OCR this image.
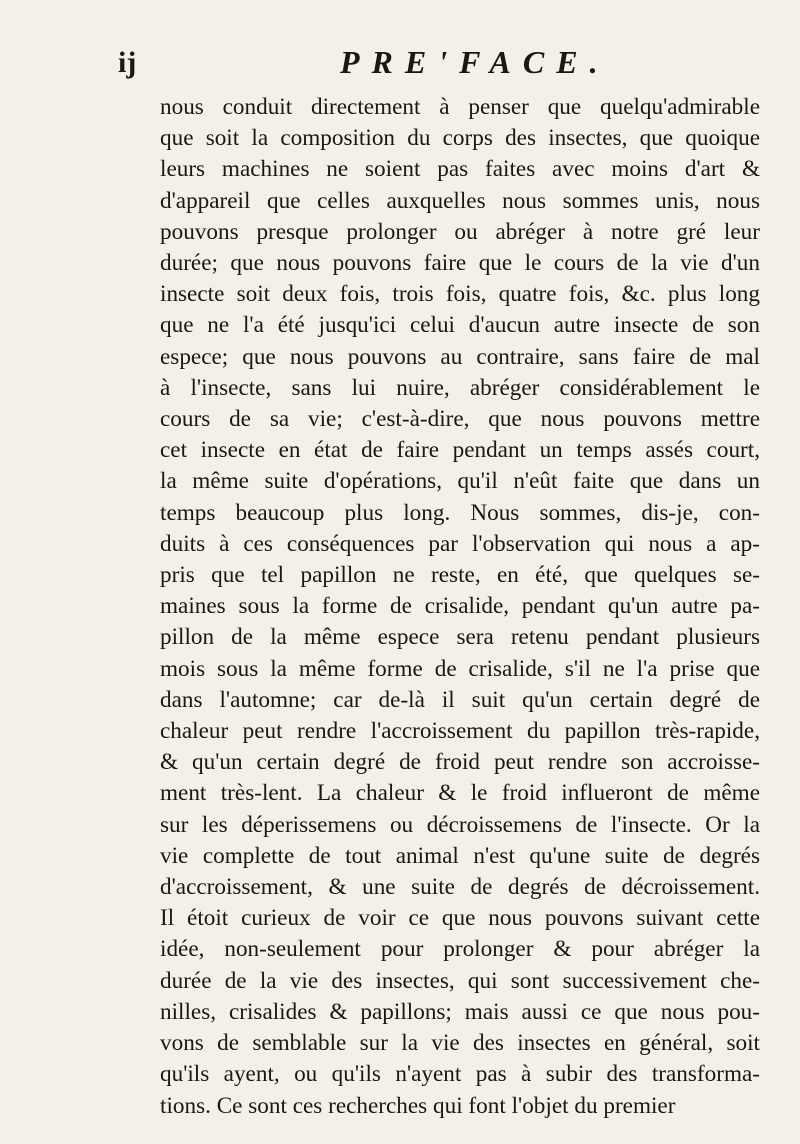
ij	PRE'FACE.
nous conduit directement à penser que quelqu'admirable
que soit la composition du corps des insectes, que quoique
leurs machines ne soient pas faites avec moins d'art &
d'appareil que celles auxquelles nous sommes unis, nous
pouvons presque prolonger ou abréger à notre gré leur
durée; que nous pouvons faire que le cours de la vie d'un
insecte soit deux fois, trois fois, quatre fois, &c. plus long
que ne l'a été jusqu'ici celui d'aucun autre insecte de son
espece; que nous pouvons au contraire, sans faire de mal
à l'insecte, sans lui nuire, abréger considérablement le
cours de sa vie; c'est-à-dire, que nous pouvons mettre
cet insecte en état de faire pendant un temps assés court,
la même suite d'opérations, qu'il n'eût faite que dans un
temps beaucoup plus long. Nous sommes, dis-je, con-
duits à ces conséquences par l'observation qui nous a ap-
pris que tel papillon ne reste, en été, que quelques se-
maines sous la forme de crisalide, pendant qu'un autre pa-
pillon de la même espece sera retenu pendant plusieurs
mois sous la même forme de crisalide, s'il ne l'a prise que
dans l'automne; car de-là il suit qu'un certain degré de
chaleur peut rendre l'accroissement du papillon très-rapide,
& qu'un certain degré de froid peut rendre son accroisse-
ment très-lent. La chaleur & le froid influeront de même
sur les déperissemens ou décroissemens de l'insecte. Or la
vie complette de tout animal n'est qu'une suite de degrés
d'accroissement, & une suite de degrés de décroissement.
Il étoit curieux de voir ce que nous pouvons suivant cette
idée, non-seulement pour prolonger & pour abréger la
durée de la vie des insectes, qui sont successivement che-
nilles, crisalides & papillons; mais aussi ce que nous pou-
vons de semblable sur la vie des insectes en général, soit
qu'ils ayent, ou qu'ils n'ayent pas à subir des transforma-
tions. Ce sont ces recherches qui font l'objet du premier
